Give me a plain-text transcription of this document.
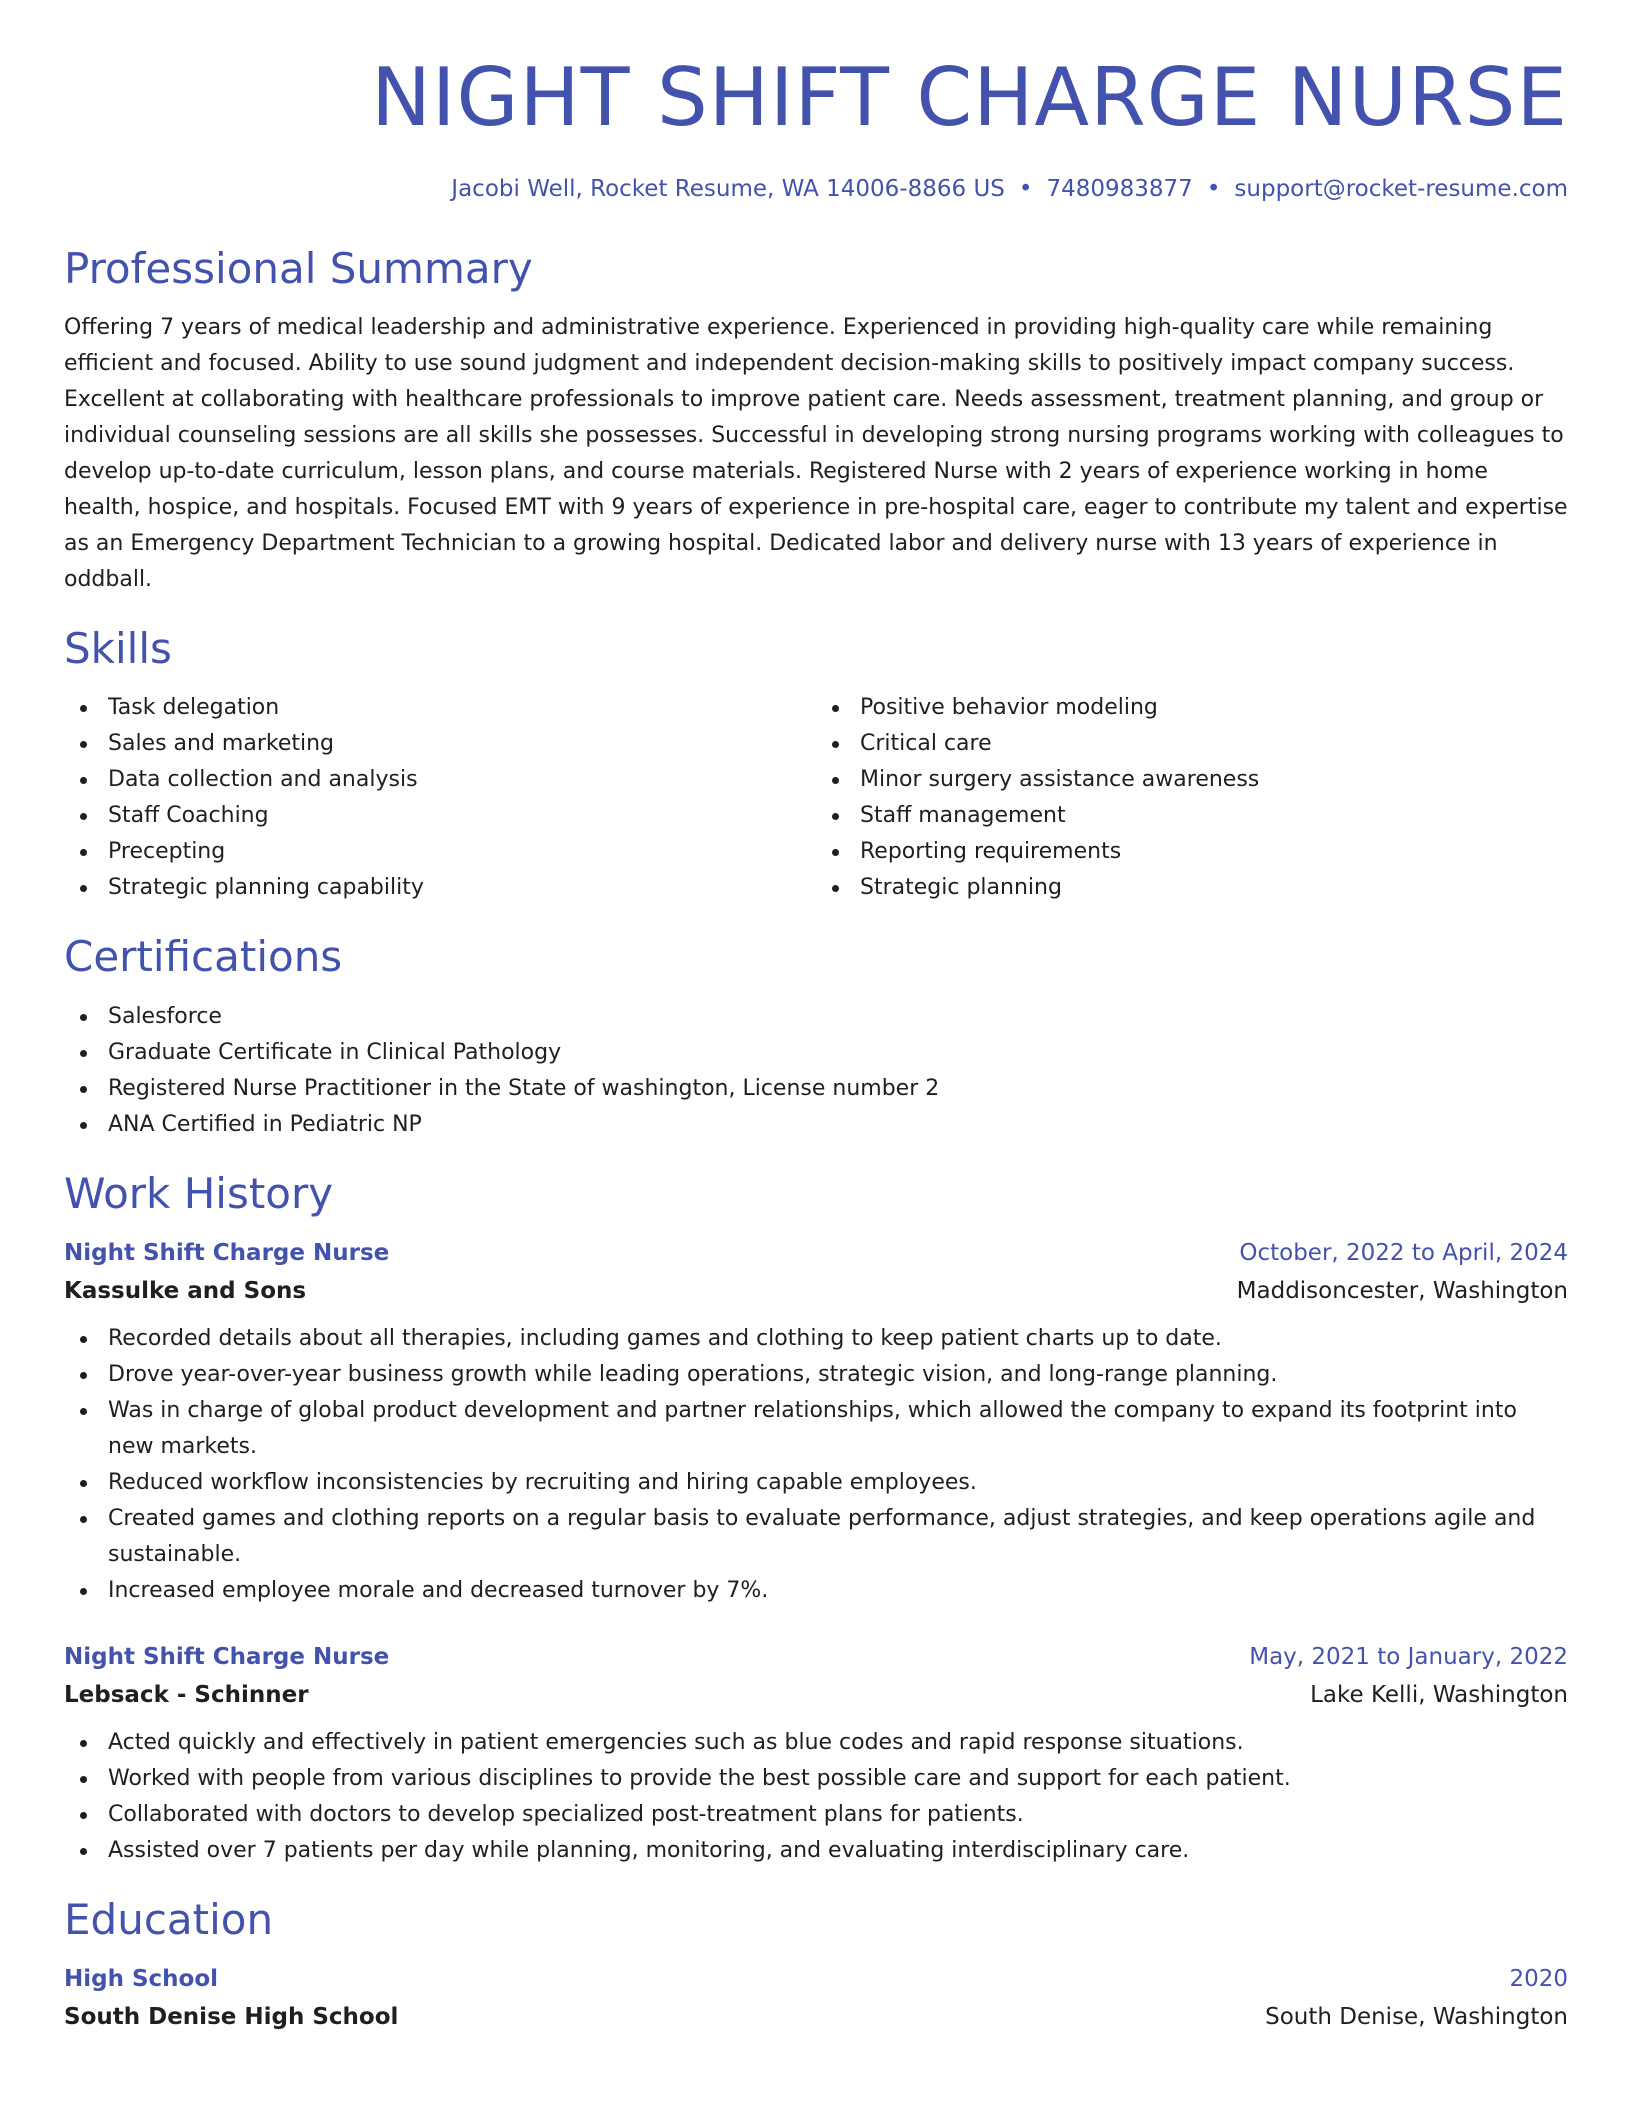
NIGHT SHIFT CHARGE NURSE
Jacobi Well, Rocket Resume, WA 14006-8866 US • 7480983877 • support@rocket-resume.com
Professional Summary

Offering 7 years of medical leadership and administrative experience. Experienced in providing high-quality care while remaining efficient and focused. Ability to use sound judgment and independent decision-making skills to positively impact company success. Excellent at collaborating with healthcare professionals to improve patient care. Needs assessment, treatment planning, and group or individual counseling sessions are all skills she possesses. Successful in developing strong nursing programs working with colleagues to develop up-to-date curriculum, lesson plans, and course materials. Registered Nurse with 2 years of experience working in home health, hospice, and hospitals. Focused EMT with 9 years of experience in pre-hospital care, eager to contribute my talent and expertise as an Emergency Department Technician to a growing hospital. Dedicated labor and delivery nurse with 13 years of experience in oddball.

Skills
Task delegation
Sales and marketing
Data collection and analysis
Staff Coaching
Precepting
Strategic planning capability
Positive behavior modeling
Critical care
Minor surgery assistance awareness
Staff management
Reporting requirements
Strategic planning
Certifications
Salesforce
Graduate Certificate in Clinical Pathology
Registered Nurse Practitioner in the State of washington, License number 2
ANA Certified in Pediatric NP
Work History
Night Shift Charge Nurse	October, 2022 to April, 2024
Kassulke and Sons	Maddisoncester, Washington
Recorded details about all therapies, including games and clothing to keep patient charts up to date.
Drove year-over-year business growth while leading operations, strategic vision, and long-range planning.
Was in charge of global product development and partner relationships, which allowed the company to expand its footprint into new markets.
Reduced workflow inconsistencies by recruiting and hiring capable employees.
Created games and clothing reports on a regular basis to evaluate performance, adjust strategies, and keep operations agile and sustainable.
Increased employee morale and decreased turnover by 7%.
Night Shift Charge Nurse	May, 2021 to January, 2022
Lebsack - Schinner	Lake Kelli, Washington
Acted quickly and effectively in patient emergencies such as blue codes and rapid response situations.
Worked with people from various disciplines to provide the best possible care and support for each patient.
Collaborated with doctors to develop specialized post-treatment plans for patients.
Assisted over 7 patients per day while planning, monitoring, and evaluating interdisciplinary care.
Education
High School	2020
South Denise High School	South Denise, Washington
